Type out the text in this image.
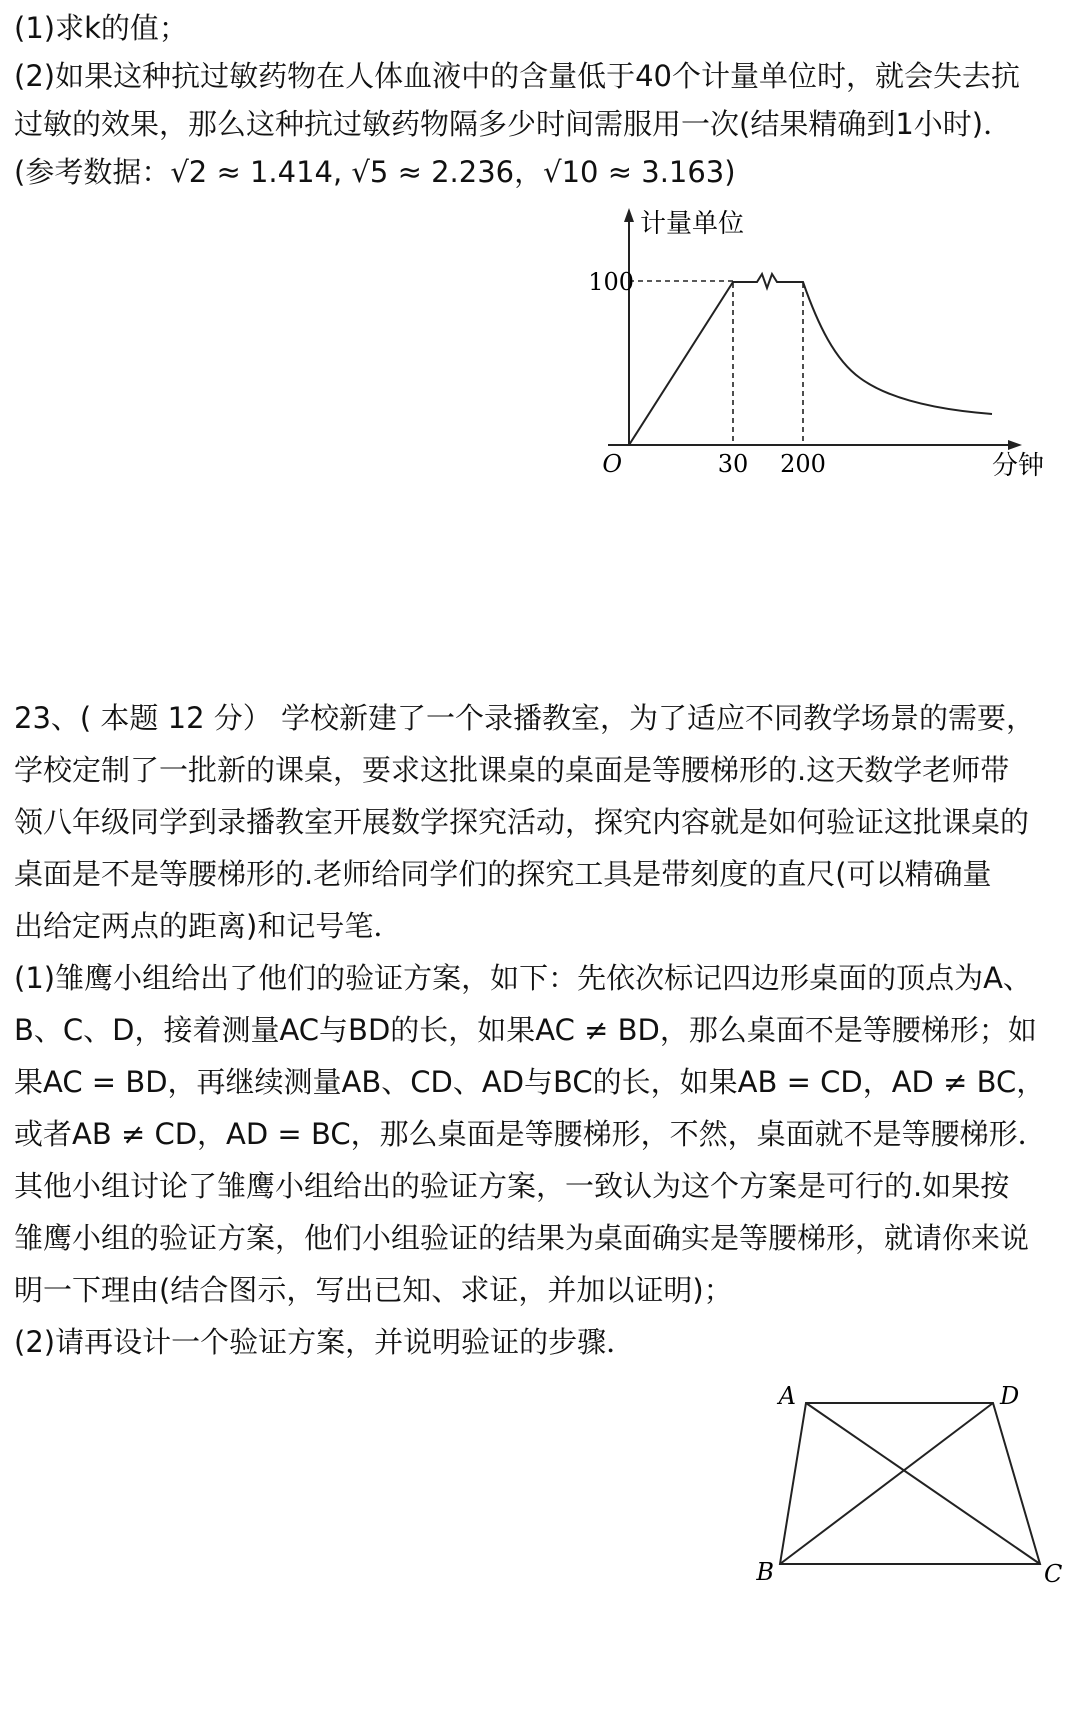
(1)求k的值；
(2)如果这种抗过敏药物在人体血液中的含量低于40个计量单位时，就会失去抗
过敏的效果，那么这种抗过敏药物隔多少时间需服用一次(结果精确到1小时)．
(参考数据：√2 ≈ 1.414, √5 ≈ 2.236，√10 ≈ 3.163)
计量单位
分钟
100
O	30 200
23、( 本题 12 分） 学校新建了一个录播教室，为了适应不同教学场景的需要，
学校定制了一批新的课桌，要求这批课桌的桌面是等腰梯形的.这天数学老师带
领八年级同学到录播教室开展数学探究活动，探究内容就是如何验证这批课桌的
桌面是不是等腰梯形的.老师给同学们的探究工具是带刻度的直尺(可以精确量
出给定两点的距离)和记号笔．
(1)雏鹰小组给出了他们的验证方案，如下：先依次标记四边形桌面的顶点为A、
B、C、D，接着测量AC与BD的长，如果AC ≠ BD，那么桌面不是等腰梯形；如
果AC = BD，再继续测量AB、CD、AD与BC的长，如果AB = CD，AD ≠ BC，
或者AB ≠ CD，AD = BC，那么桌面是等腰梯形，不然，桌面就不是等腰梯形．
其他小组讨论了雏鹰小组给出的验证方案，一致认为这个方案是可行的.如果按
雏鹰小组的验证方案，他们小组验证的结果为桌面确实是等腰梯形，就请你来说
明一下理由(结合图示，写出已知、求证，并加以证明)；
(2)请再设计一个验证方案，并说明验证的步骤．
A	D
B	C
